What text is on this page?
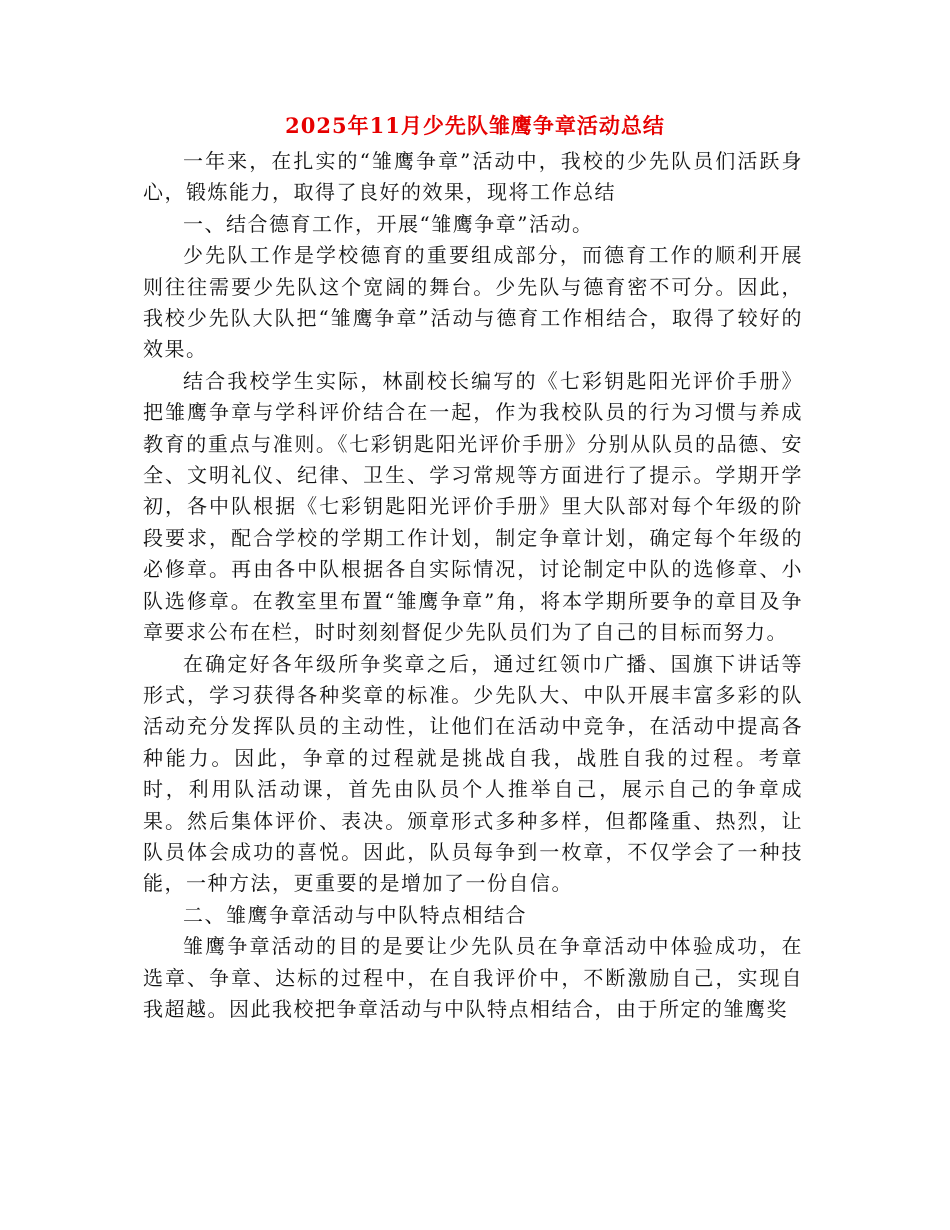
2025年11月少先队雏鹰争章活动总结

一年来，在扎实的“雏鹰争章”活动中，我校的少先队员们活跃身心，锻炼能力，取得了良好的效果，现将工作总结

一、结合德育工作，开展“雏鹰争章”活动。

少先队工作是学校德育的重要组成部分，而德育工作的顺利开展则往往需要少先队这个宽阔的舞台。少先队与德育密不可分。因此，我校少先队大队把“雏鹰争章”活动与德育工作相结合，取得了较好的效果。

结合我校学生实际，林副校长编写的《七彩钥匙阳光评价手册》把雏鹰争章与学科评价结合在一起，作为我校队员的行为习惯与养成教育的重点与准则。《七彩钥匙阳光评价手册》分别从队员的品德、安全、文明礼仪、纪律、卫生、学习常规等方面进行了提示。学期开学初，各中队根据《七彩钥匙阳光评价手册》里大队部对每个年级的阶段要求，配合学校的学期工作计划，制定争章计划，确定每个年级的必修章。再由各中队根据各自实际情况，讨论制定中队的选修章、小队选修章。在教室里布置“雏鹰争章”角，将本学期所要争的章目及争章要求公布在栏，时时刻刻督促少先队员们为了自己的目标而努力。

在确定好各年级所争奖章之后，通过红领巾广播、国旗下讲话等形式，学习获得各种奖章的标准。少先队大、中队开展丰富多彩的队活动充分发挥队员的主动性，让他们在活动中竞争，在活动中提高各种能力。因此，争章的过程就是挑战自我，战胜自我的过程。考章时，利用队活动课，首先由队员个人推举自己，展示自己的争章成果。然后集体评价、表决。颁章形式多种多样，但都隆重、热烈，让队员体会成功的喜悦。因此，队员每争到一枚章，不仅学会了一种技能，一种方法，更重要的是增加了一份自信。

二、雏鹰争章活动与中队特点相结合

雏鹰争章活动的目的是要让少先队员在争章活动中体验成功，在选章、争章、达标的过程中，在自我评价中，不断激励自己，实现自我超越。因此我校把争章活动与中队特点相结合，由于所定的雏鹰奖
